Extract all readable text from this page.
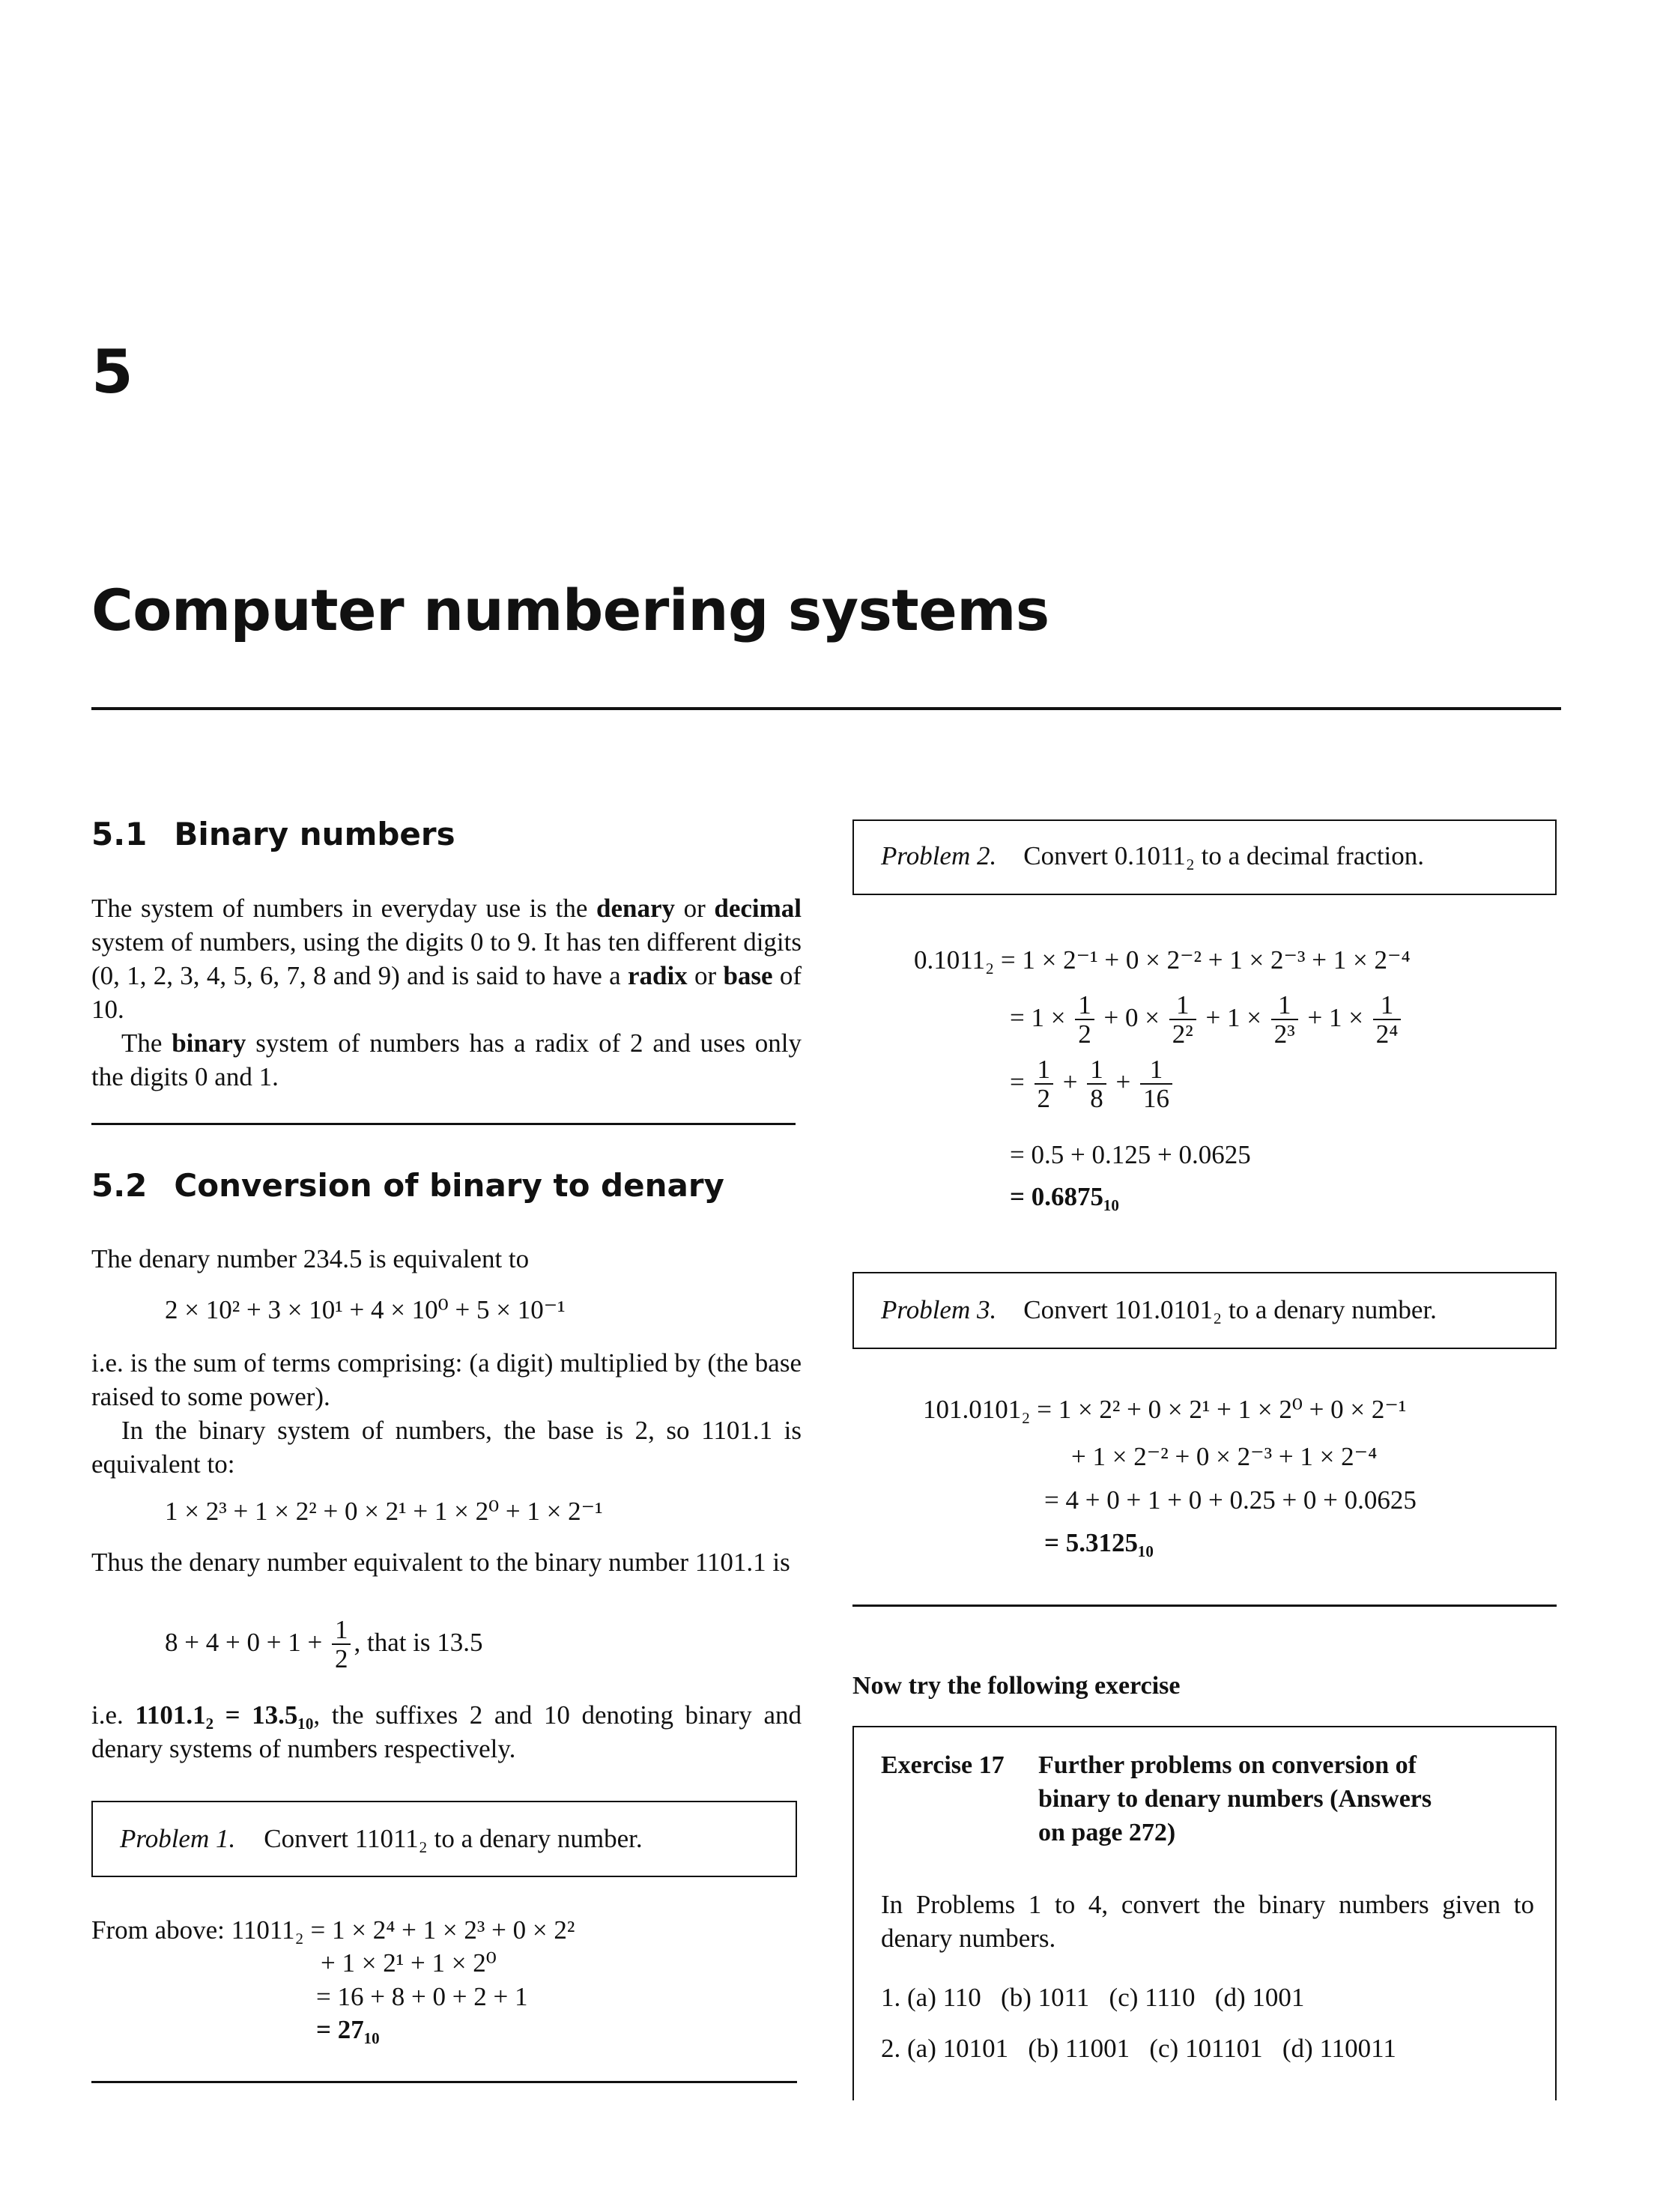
5
Computer numbering systems
5.1 Binary numbers

The system of numbers in everyday use is the denary or decimal system of numbers, using the digits 0 to 9. It has ten different digits (0, 1, 2, 3, 4, 5, 6, 7, 8 and 9) and is said to have a radix or base of 10.

The binary system of numbers has a radix of 2 and uses only the digits 0 and 1.

5.2 Conversion of binary to denary

The denary number 234.5 is equivalent to

2 × 10² + 3 × 10¹ + 4 × 10⁰ + 5 × 10⁻¹

i.e. is the sum of terms comprising: (a digit) multiplied by (the base raised to some power).

In the binary system of numbers, the base is 2, so 1101.1 is equivalent to:

1 × 2³ + 1 × 2² + 0 × 2¹ + 1 × 2⁰ + 1 × 2⁻¹

Thus the denary number equivalent to the binary number 1101.1 is

$8 + 4 + 0 + 1 + \frac{1}{2}$ , that is 13.5

i.e. 1101.1₂ = 13.5₁₀, the suffixes 2 and 10 denoting binary and denary systems of numbers respectively.

Problem 1. Convert 11011₂ to a denary number.
From above: 11011₂ = 1 × 2⁴ + 1 × 2³ + 0 × 2²
+ 1 × 2¹ + 1 × 2⁰
= 16 + 8 + 0 + 2 + 1
= 27₁₀
Problem 2. Convert 0.1011₂ to a decimal fraction.
0.1011₂ = 1 × 2⁻¹ + 0 × 2⁻² + 1 × 2⁻³ + 1 × 2⁻⁴
= $1 \times \frac{1}{2} + 0 \times \frac{1}{\text{2²}} + 1 \times \frac{1}{\text{2³}} + 1 \times \frac{1}{\text{2⁴}}$
= $\frac{1}{2} + \frac{1}{8} + \frac{1}{16}$
= 0.5 + 0.125 + 0.0625
= 0.6875₁₀
Problem 3. Convert 101.0101₂ to a denary number.
101.0101₂ = 1 × 2² + 0 × 2¹ + 1 × 2⁰ + 0 × 2⁻¹
+ 1 × 2⁻² + 0 × 2⁻³ + 1 × 2⁻⁴
= 4 + 0 + 1 + 0 + 0.25 + 0 + 0.0625
= 5.3125₁₀
Now try the following exercise
Exercise 17 Further problems on conversion of
binary to denary numbers (Answers
on page 272)

In Problems 1 to 4, convert the binary numbers given to denary numbers.

1. (a) 110   (b) 1011   (c) 1110   (d) 1001
2. (a) 10101   (b) 11001   (c) 101101   (d) 110011
